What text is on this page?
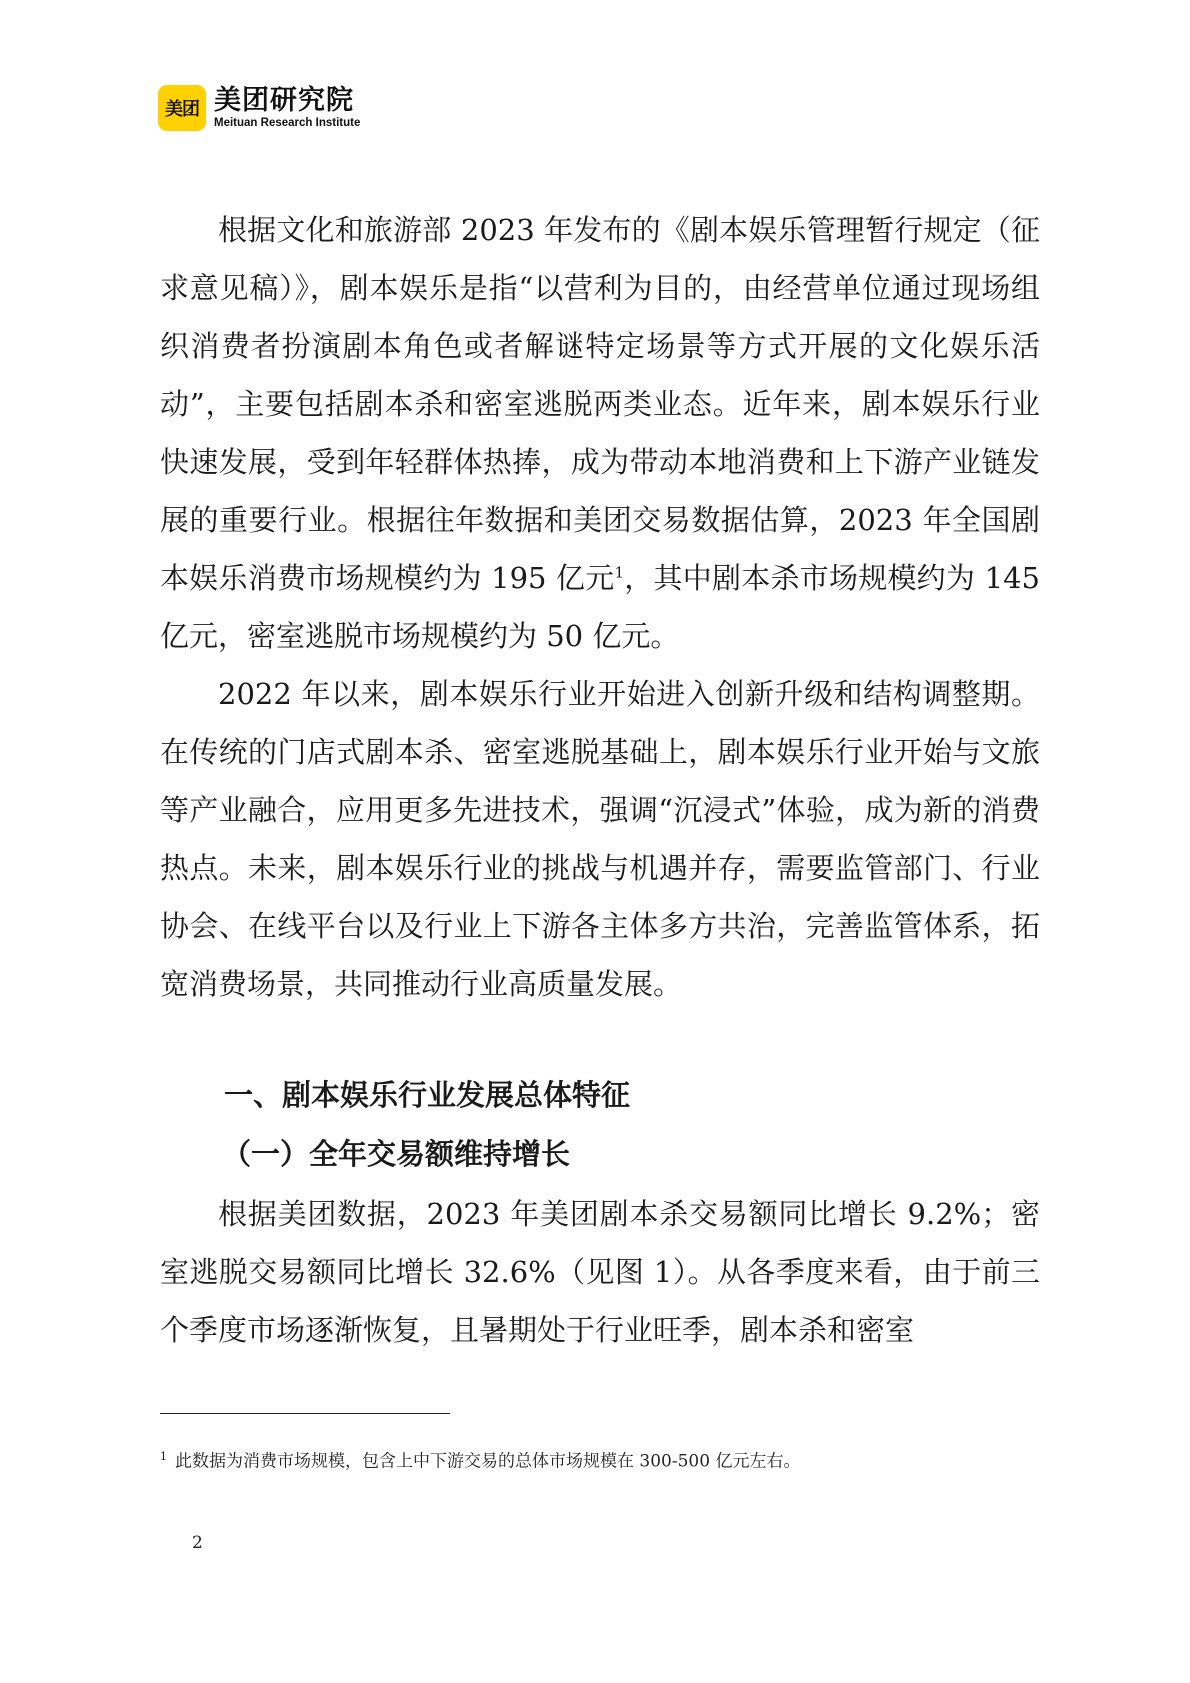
美团 美团研究院
Meituan Research Institute

根据文化和旅游部 2023 年发布的《剧本娱乐管理暂行规定（征求意见稿）》，剧本娱乐是指“以营利为目的，由经营单位通过现场组织消费者扮演剧本角色或者解谜特定场景等方式开展的文化娱乐活动”，主要包括剧本杀和密室逃脱两类业态。近年来，剧本娱乐行业快速发展，受到年轻群体热捧，成为带动本地消费和上下游产业链发展的重要行业。根据往年数据和美团交易数据估算，2023 年全国剧本娱乐消费市场规模约为 195 亿元$^1$，其中剧本杀市场规模约为 145 亿元，密室逃脱市场规模约为 50 亿元。

2022 年以来，剧本娱乐行业开始进入创新升级和结构调整期。在传统的门店式剧本杀、密室逃脱基础上，剧本娱乐行业开始与文旅等产业融合，应用更多先进技术，强调“沉浸式”体验，成为新的消费热点。未来，剧本娱乐行业的挑战与机遇并存，需要监管部门、行业协会、在线平台以及行业上下游各主体多方共治，完善监管体系，拓宽消费场景，共同推动行业高质量发展。

一、剧本娱乐行业发展总体特征
（一）全年交易额维持增长

根据美团数据，2023 年美团剧本杀交易额同比增长 9.2%；密室逃脱交易额同比增长 32.6%（见图 1）。从各季度来看，由于前三个季度市场逐渐恢复，且暑期处于行业旺季，剧本杀和密室

$^1$ 此数据为消费市场规模，包含上中下游交易的总体市场规模在 300-500 亿元左右。
2
